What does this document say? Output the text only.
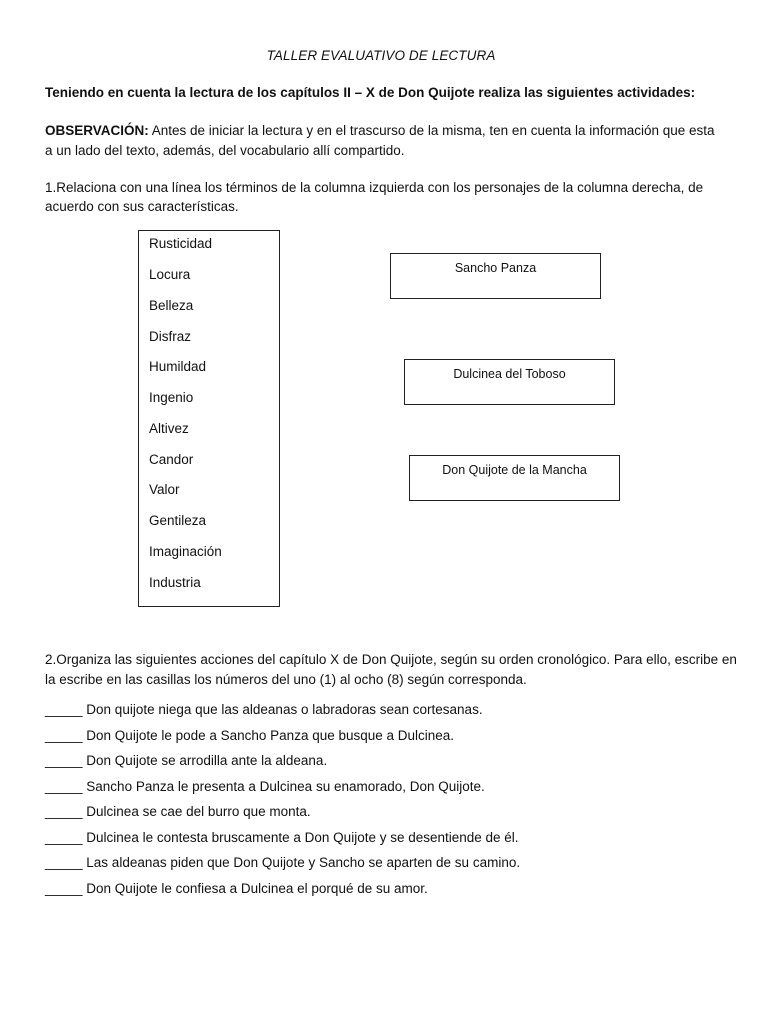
TALLER EVALUATIVO DE LECTURA
Teniendo en cuenta la lectura de los capítulos II – X de Don Quijote realiza las siguientes actividades:
OBSERVACIÓN: Antes de iniciar la lectura y en el trascurso de la misma, ten en cuenta la información que esta
a un lado del texto, además, del vocabulario allí compartido.
1.Relaciona con una línea los términos de la columna izquierda con los personajes de la columna derecha, de
acuerdo con sus características.
Rusticidad
Locura
Belleza
Disfraz
Humildad
Ingenio
Altivez
Candor
Valor
Gentileza
Imaginación
Industria
Sancho Panza
Dulcinea del Toboso
Don Quijote de la Mancha
2.Organiza las siguientes acciones del capítulo X de Don Quijote, según su orden cronológico. Para ello, escribe en
la escribe en las casillas los números del uno (1) al ocho (8) según corresponda.
_____ Don quijote niega que las aldeanas o labradoras sean cortesanas.
_____ Don Quijote le pode a Sancho Panza que busque a Dulcinea.
_____ Don Quijote se arrodilla ante la aldeana.
_____ Sancho Panza le presenta a Dulcinea su enamorado, Don Quijote.
_____ Dulcinea se cae del burro que monta.
_____ Dulcinea le contesta bruscamente a Don Quijote y se desentiende de él.
_____ Las aldeanas piden que Don Quijote y Sancho se aparten de su camino.
_____ Don Quijote le confiesa a Dulcinea el porqué de su amor.
